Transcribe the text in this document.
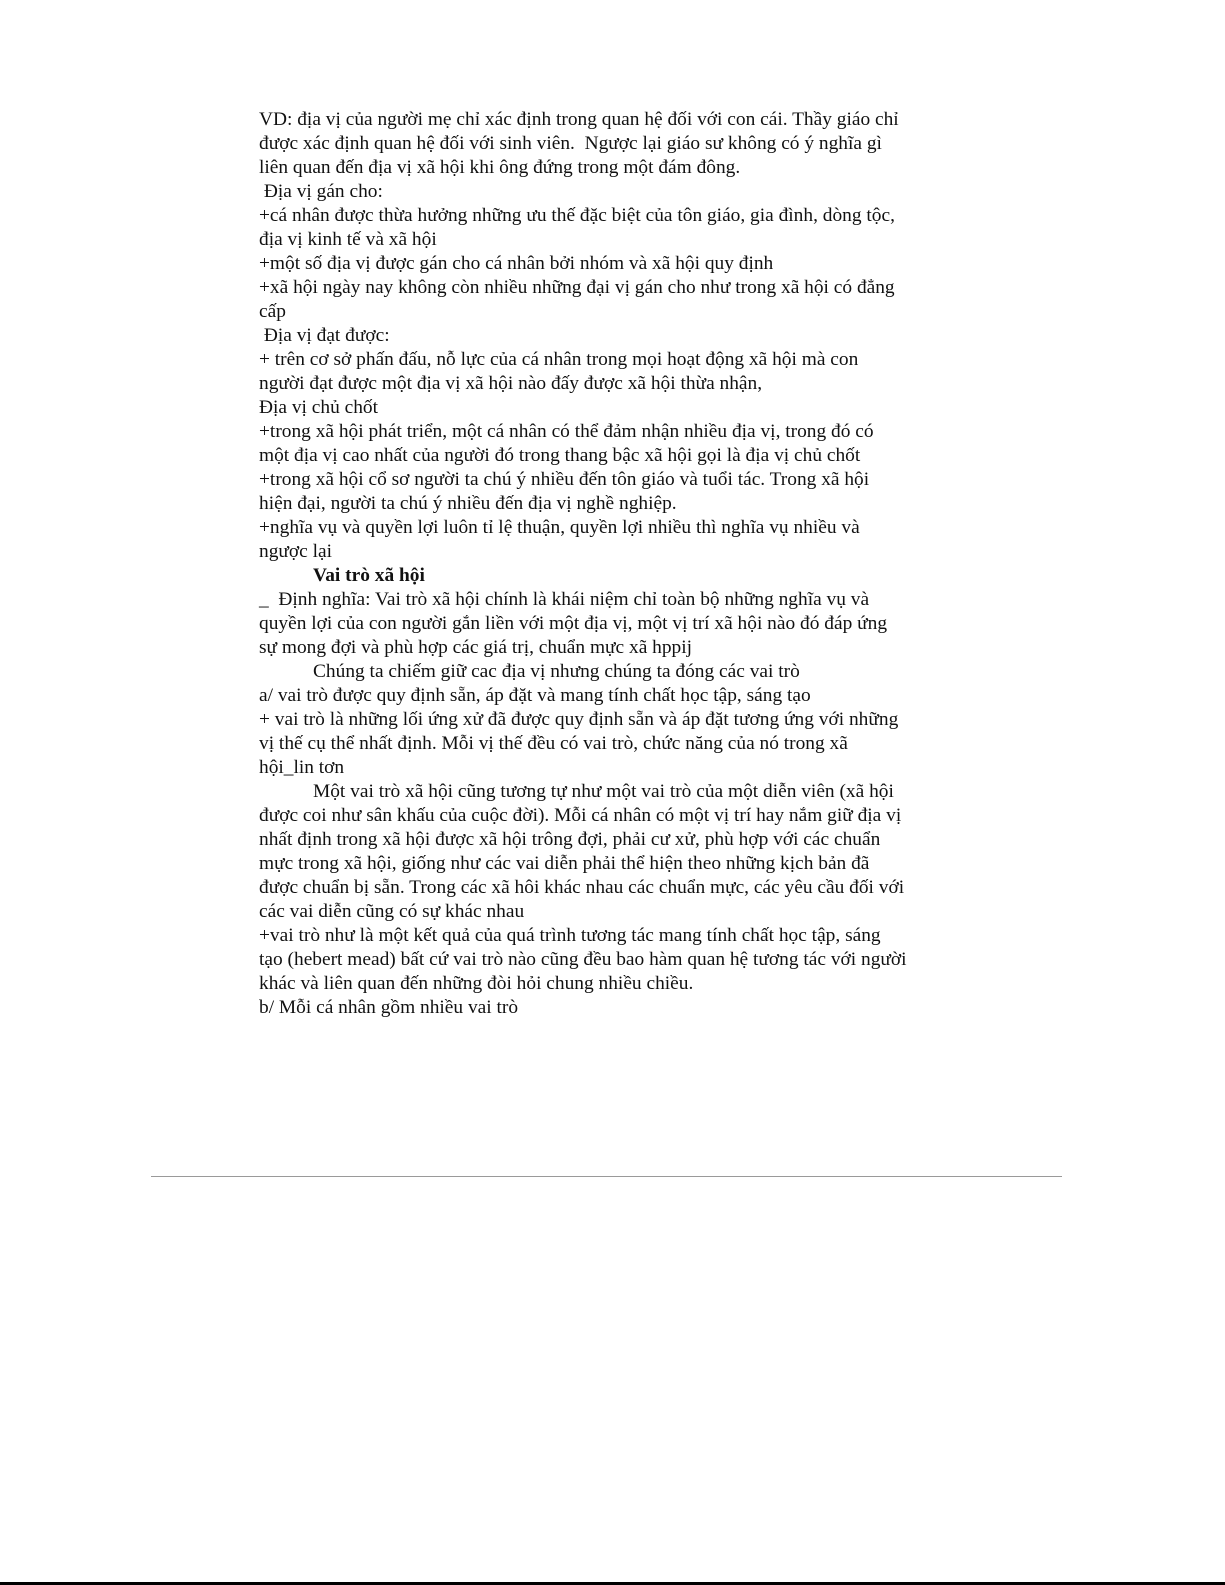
VD: địa vị của người mẹ chỉ xác định trong quan hệ đối với con cái. Thầy giáo chỉ
được xác định quan hệ đối với sinh viên.  Ngược lại giáo sư không có ý nghĩa gì
liên quan đến địa vị xã hội khi ông đứng trong một đám đông.
Địa vị gán cho:
+cá nhân được thừa hưởng những ưu thế đặc biệt của tôn giáo, gia đình, dòng tộc,
địa vị kinh tế và xã hội
+một số địa vị được gán cho cá nhân bởi nhóm và xã hội quy định
+xã hội ngày nay không còn nhiều những đại vị gán cho như trong xã hội có đẳng
cấp
Địa vị đạt được:
+ trên cơ sở phấn đấu, nỗ lực của cá nhân trong mọi hoạt động xã hội mà con
người đạt được một địa vị xã hội nào đấy được xã hội thừa nhận,
Địa vị chủ chốt
+trong xã hội phát triển, một cá nhân có thể đảm nhận nhiều địa vị, trong đó có
một địa vị cao nhất của người đó trong thang bậc xã hội gọi là địa vị chủ chốt
+trong xã hội cổ sơ người ta chú ý nhiều đến tôn giáo và tuổi tác. Trong xã hội
hiện đại, người ta chú ý nhiều đến địa vị nghề nghiệp.
+nghĩa vụ và quyền lợi luôn tỉ lệ thuận, quyền lợi nhiều thì nghĩa vụ nhiều và
ngược lại
Vai trò xã hội
_  Định nghĩa: Vai trò xã hội chính là khái niệm chỉ toàn bộ những nghĩa vụ và
quyền lợi của con người gắn liền với một địa vị, một vị trí xã hội nào đó đáp ứng
sự mong đợi và phù hợp các giá trị, chuẩn mực xã hppij
Chúng ta chiếm giữ cac địa vị nhưng chúng ta đóng các vai trò
a/ vai trò được quy định sẵn, áp đặt và mang tính chất học tập, sáng tạo
+ vai trò là những lối ứng xử đã được quy định sẵn và áp đặt tương ứng với những
vị thế cụ thể nhất định. Mỗi vị thế đều có vai trò, chức năng của nó trong xã
hội_lin tơn
Một vai trò xã hội cũng tương tự như một vai trò của một diễn viên (xã hội
được coi như sân khấu của cuộc đời). Mỗi cá nhân có một vị trí hay nắm giữ địa vị
nhất định trong xã hội được xã hội trông đợi, phải cư xử, phù hợp với các chuẩn
mực trong xã hội, giống như các vai diễn phải thể hiện theo những kịch bản đã
được chuẩn bị sẵn. Trong các xã hôi khác nhau các chuẩn mực, các yêu cầu đối với
các vai diễn cũng có sự khác nhau
+vai trò như là một kết quả của quá trình tương tác mang tính chất học tập, sáng
tạo (hebert mead) bất cứ vai trò nào cũng đều bao hàm quan hệ tương tác với người
khác và liên quan đến những đòi hỏi chung nhiều chiều.
b/ Mỗi cá nhân gồm nhiều vai trò
